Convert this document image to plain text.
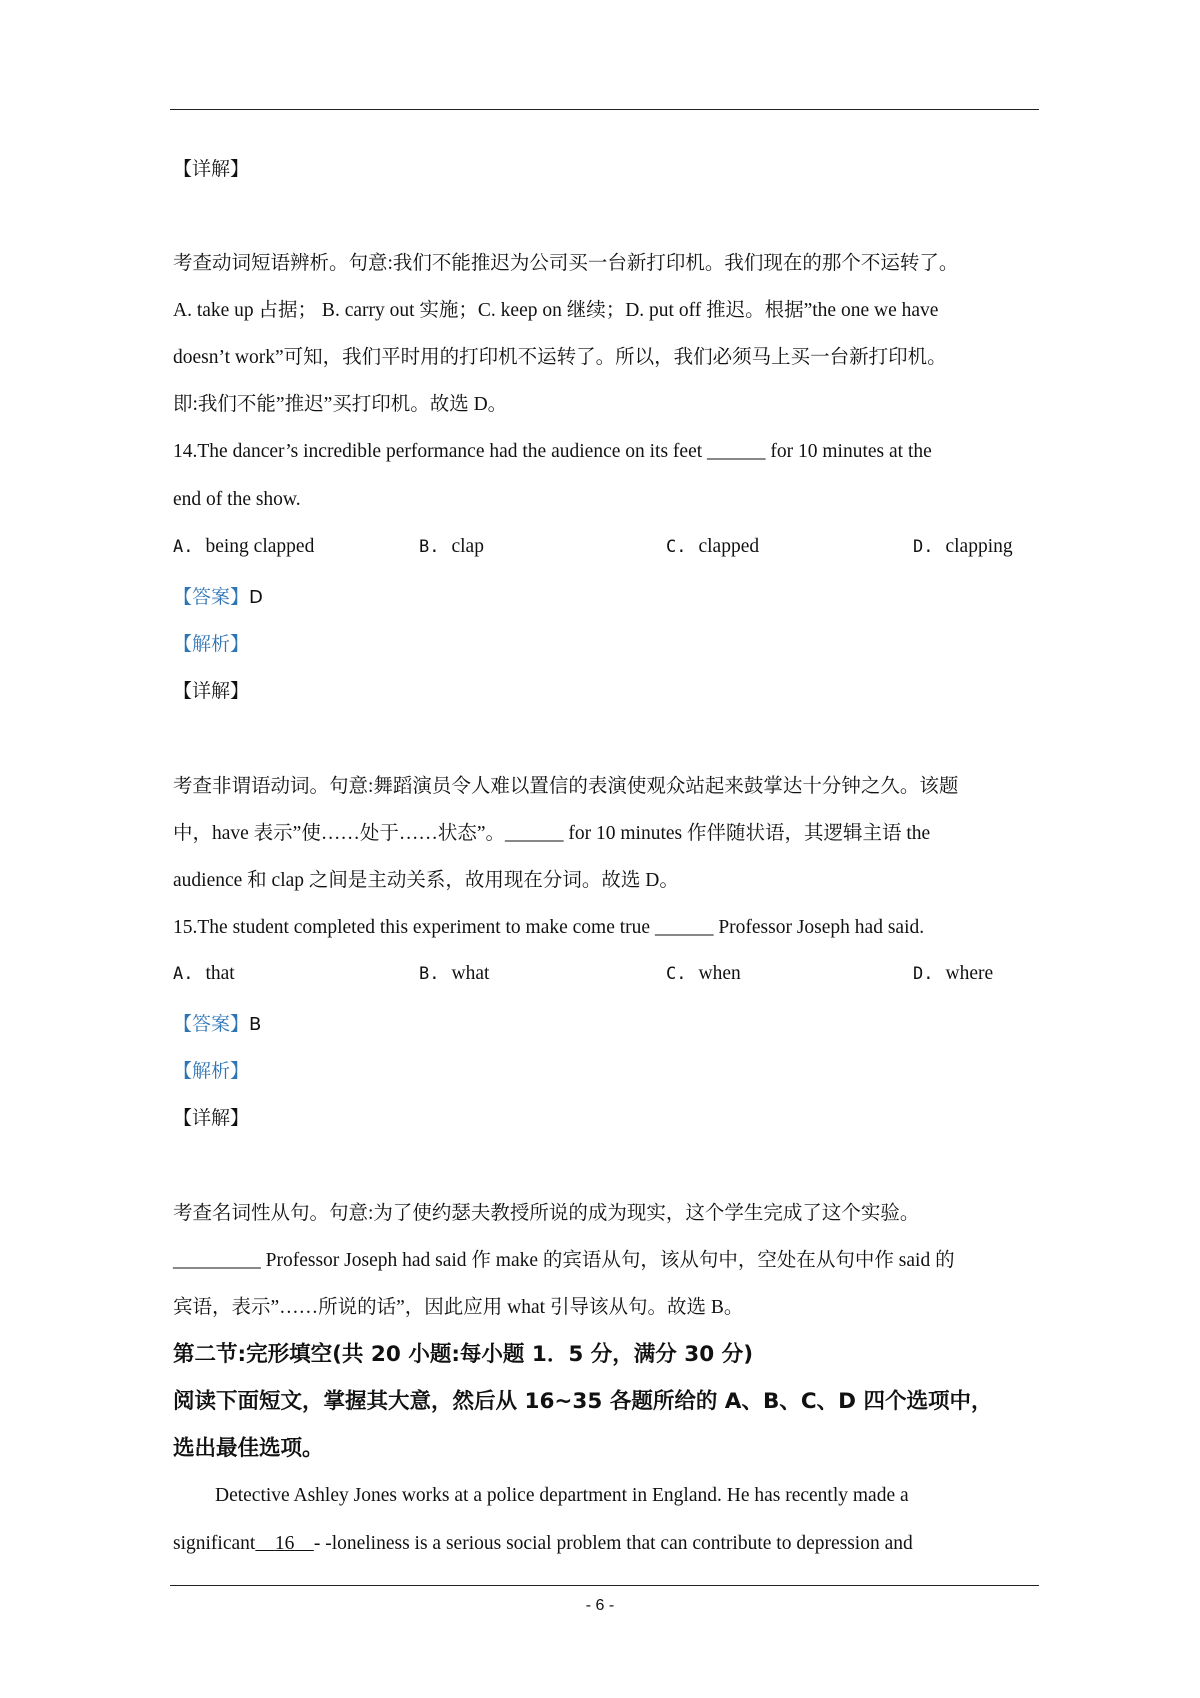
【详解】
考查动词短语辨析。句意:我们不能推迟为公司买一台新打印机。我们现在的那个不运转了。
A. take up 占据； B. carry out 实施；C. keep on 继续；D. put off 推迟。根据”the one we have
doesn’t work”可知，我们平时用的打印机不运转了。所以，我们必须马上买一台新打印机。
即:我们不能”推迟”买打印机。故选 D。
14.The dancer’s incredible performance had the audience on its feet ______ for 10 minutes at the
end of the show.
A. being clapped	B. clap	C. clapped	D. clapping
【答案】D
【解析】
【详解】
考查非谓语动词。句意:舞蹈演员令人难以置信的表演使观众站起来鼓掌达十分钟之久。该题
中，have 表示”使……处于……状态”。______ for 10 minutes 作伴随状语，其逻辑主语 the
audience 和 clap 之间是主动关系，故用现在分词。故选 D。
15.The student completed this experiment to make come true ______ Professor Joseph had said.
A. that	B. what	C. when	D. where
【答案】B
【解析】
【详解】
考查名词性从句。句意:为了使约瑟夫教授所说的成为现实，这个学生完成了这个实验。
_________ Professor Joseph had said 作 make 的宾语从句，该从句中，空处在从句中作 said 的
宾语，表示”……所说的话”，因此应用 what 引导该从句。故选 B。
第二节:完形填空(共 20 小题:每小题 1．5 分，满分 30 分)
阅读下面短文，掌握其大意，然后从 16~35 各题所给的 A、B、C、D 四个选项中，
选出最佳选项。
Detective Ashley Jones works at a police department in England. He has recently made a
significant 16 - -loneliness is a serious social problem that can contribute to depression and
- 6 -
